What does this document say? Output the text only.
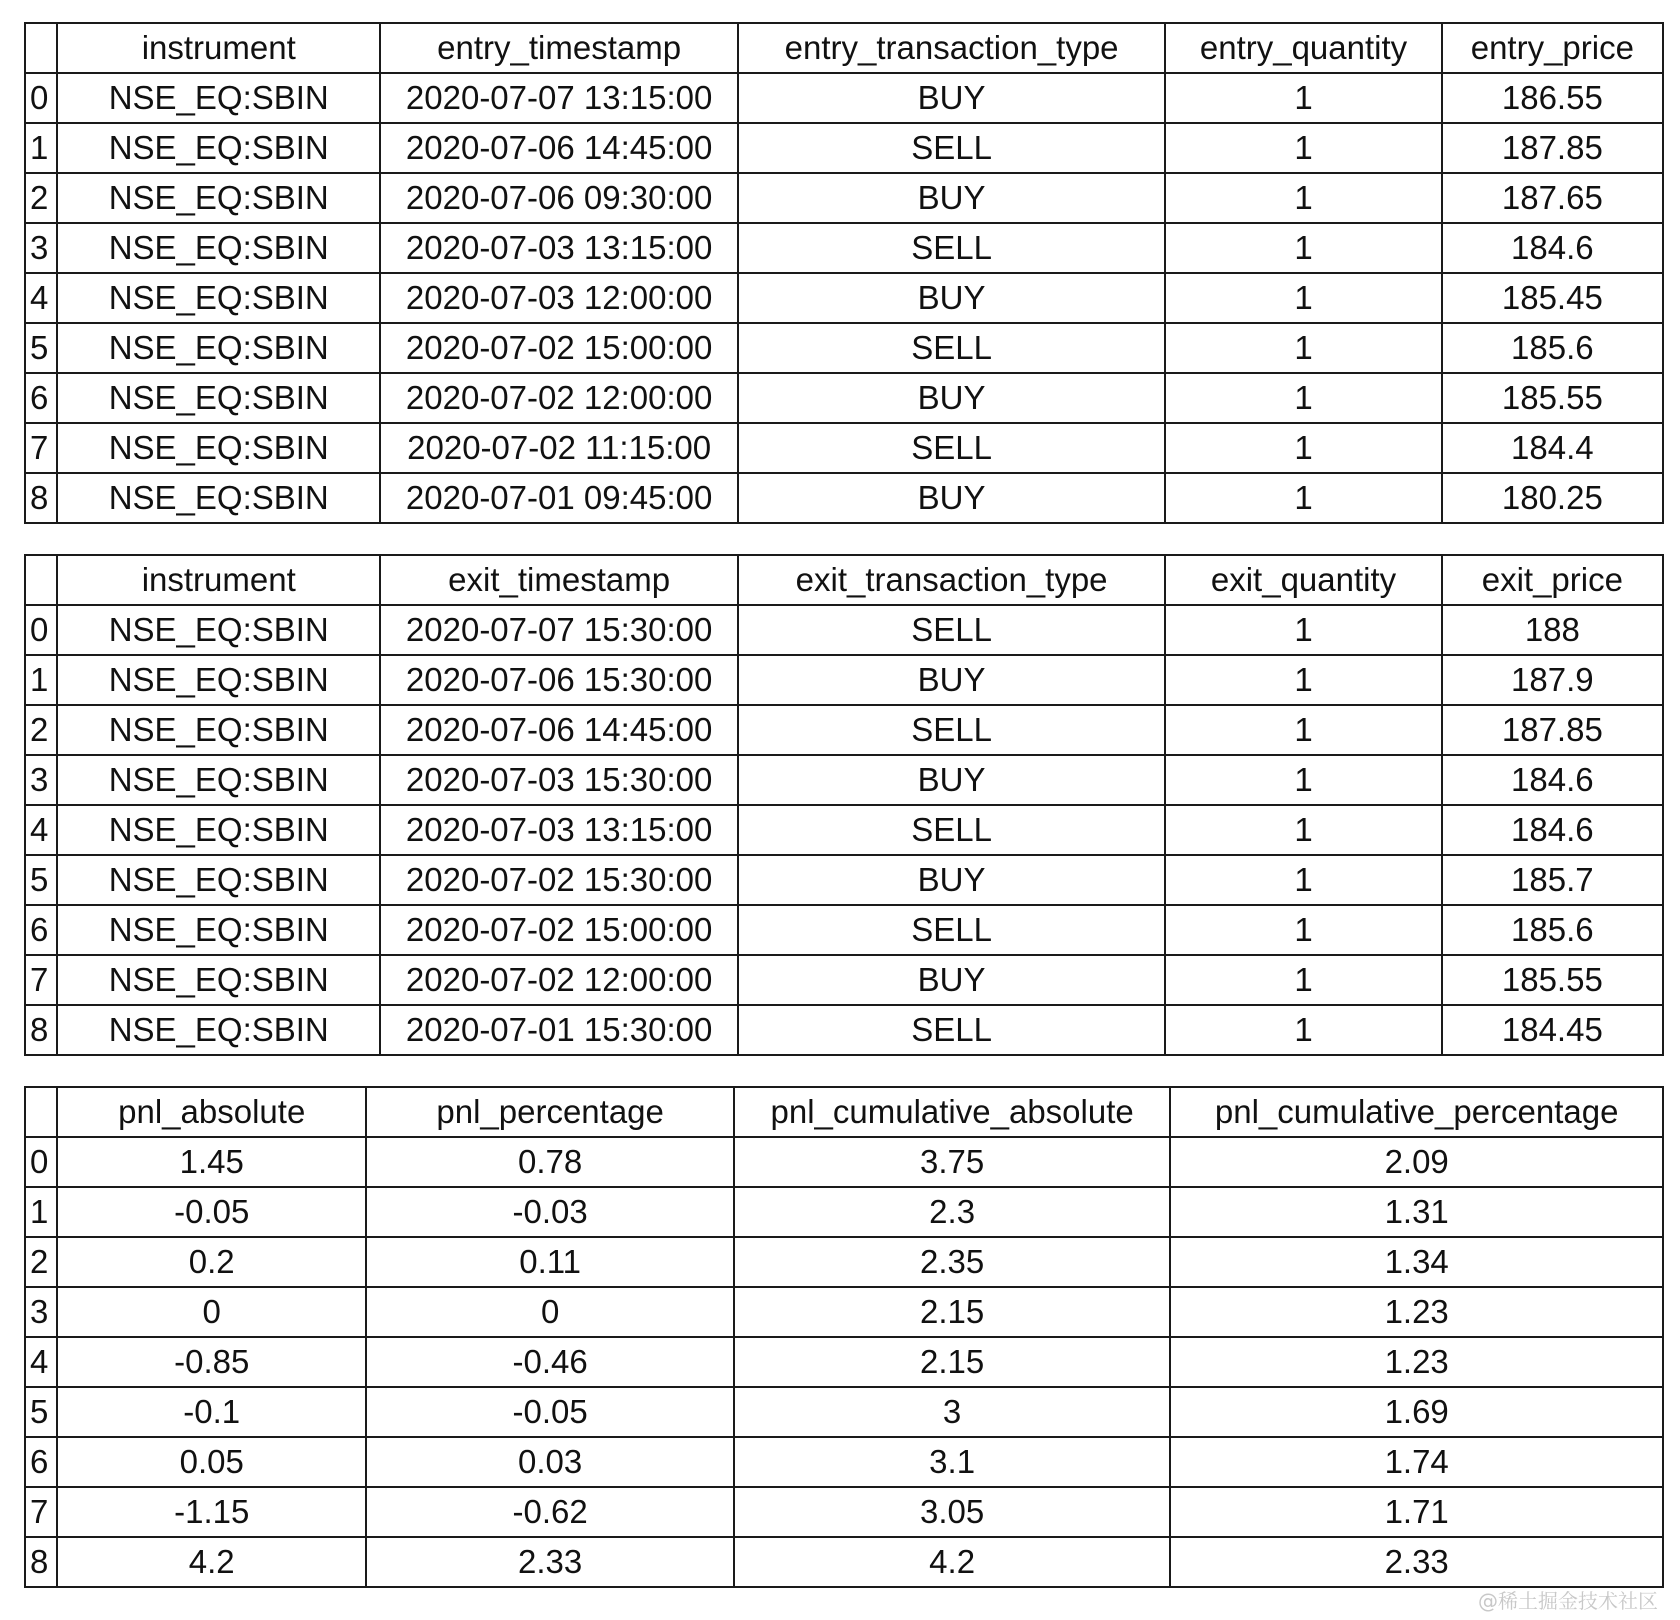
	instrument	entry_timestamp	entry_transaction_type	entry_quantity	entry_price
0	NSE_EQ:SBIN	2020-07-07 13:15:00	BUY	1	186.55
1	NSE_EQ:SBIN	2020-07-06 14:45:00	SELL	1	187.85
2	NSE_EQ:SBIN	2020-07-06 09:30:00	BUY	1	187.65
3	NSE_EQ:SBIN	2020-07-03 13:15:00	SELL	1	184.6
4	NSE_EQ:SBIN	2020-07-03 12:00:00	BUY	1	185.45
5	NSE_EQ:SBIN	2020-07-02 15:00:00	SELL	1	185.6
6	NSE_EQ:SBIN	2020-07-02 12:00:00	BUY	1	185.55
7	NSE_EQ:SBIN	2020-07-02 11:15:00	SELL	1	184.4
8	NSE_EQ:SBIN	2020-07-01 09:45:00	BUY	1	180.25
	instrument	exit_timestamp	exit_transaction_type	exit_quantity	exit_price
0	NSE_EQ:SBIN	2020-07-07 15:30:00	SELL	1	188
1	NSE_EQ:SBIN	2020-07-06 15:30:00	BUY	1	187.9
2	NSE_EQ:SBIN	2020-07-06 14:45:00	SELL	1	187.85
3	NSE_EQ:SBIN	2020-07-03 15:30:00	BUY	1	184.6
4	NSE_EQ:SBIN	2020-07-03 13:15:00	SELL	1	184.6
5	NSE_EQ:SBIN	2020-07-02 15:30:00	BUY	1	185.7
6	NSE_EQ:SBIN	2020-07-02 15:00:00	SELL	1	185.6
7	NSE_EQ:SBIN	2020-07-02 12:00:00	BUY	1	185.55
8	NSE_EQ:SBIN	2020-07-01 15:30:00	SELL	1	184.45
	pnl_absolute	pnl_percentage	pnl_cumulative_absolute	pnl_cumulative_percentage
0	1.45	0.78	3.75	2.09
1	-0.05	-0.03	2.3	1.31
2	0.2	0.11	2.35	1.34
3	0	0	2.15	1.23
4	-0.85	-0.46	2.15	1.23
5	-0.1	-0.05	3	1.69
6	0.05	0.03	3.1	1.74
7	-1.15	-0.62	3.05	1.71
8	4.2	2.33	4.2	2.33
@稀土掘金技术社区
